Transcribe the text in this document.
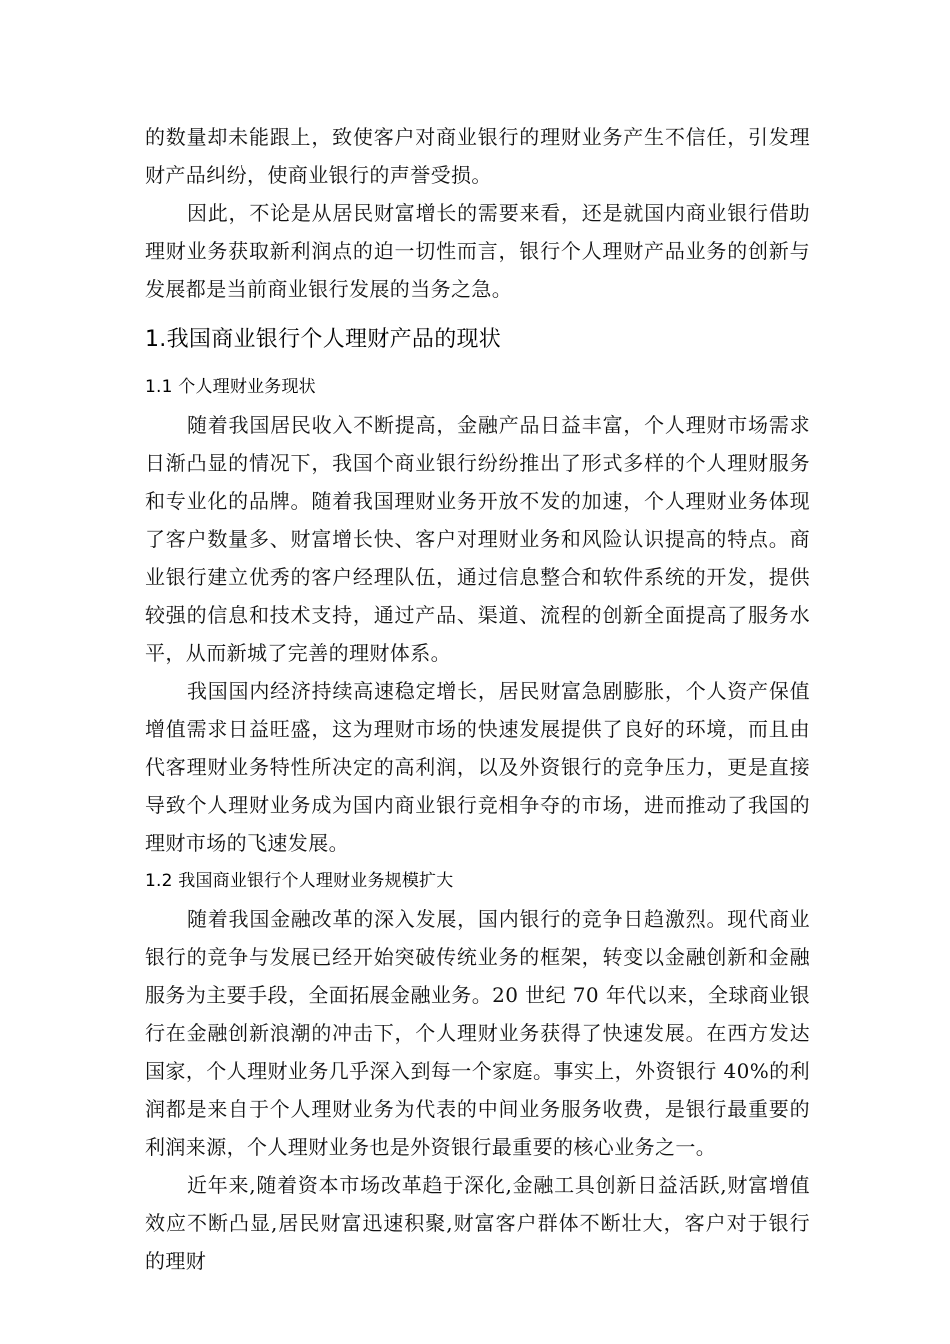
的数量却未能跟上，致使客户对商业银行的理财业务产生不信任，引发理财产品纠纷，使商业银行的声誉受损。

因此，不论是从居民财富增长的需要来看，还是就国内商业银行借助理财业务获取新利润点的迫一切性而言，银行个人理财产品业务的创新与发展都是当前商业银行发展的当务之急。

1.我国商业银行个人理财产品的现状
1.1 个人理财业务现状

随着我国居民收入不断提高，金融产品日益丰富，个人理财市场需求日渐凸显的情况下，我国个商业银行纷纷推出了形式多样的个人理财服务和专业化的品牌。随着我国理财业务开放不发的加速，个人理财业务体现了客户数量多、财富增长快、客户对理财业务和风险认识提高的特点。商业银行建立优秀的客户经理队伍，通过信息整合和软件系统的开发，提供较强的信息和技术支持，通过产品、渠道、流程的创新全面提高了服务水平，从而新城了完善的理财体系。

我国国内经济持续高速稳定增长，居民财富急剧膨胀，个人资产保值增值需求日益旺盛，这为理财市场的快速发展提供了良好的环境，而且由代客理财业务特性所决定的高利润，以及外资银行的竞争压力，更是直接导致个人理财业务成为国内商业银行竞相争夺的市场，进而推动了我国的理财市场的飞速发展。

1.2 我国商业银行个人理财业务规模扩大

随着我国金融改革的深入发展，国内银行的竞争日趋激烈。现代商业银行的竞争与发展已经开始突破传统业务的框架，转变以金融创新和金融服务为主要手段，全面拓展金融业务。20 世纪 70 年代以来，全球商业银行在金融创新浪潮的冲击下，个人理财业务获得了快速发展。在西方发达国家，个人理财业务几乎深入到每一个家庭。事实上，外资银行 40%的利润都是来自于个人理财业务为代表的中间业务服务收费，是银行最重要的利润来源，个人理财业务也是外资银行最重要的核心业务之一。

近年来,随着资本市场改革趋于深化,金融工具创新日益活跃,财富增值效应不断凸显,居民财富迅速积聚,财富客户群体不断壮大，客户对于银行的理财
